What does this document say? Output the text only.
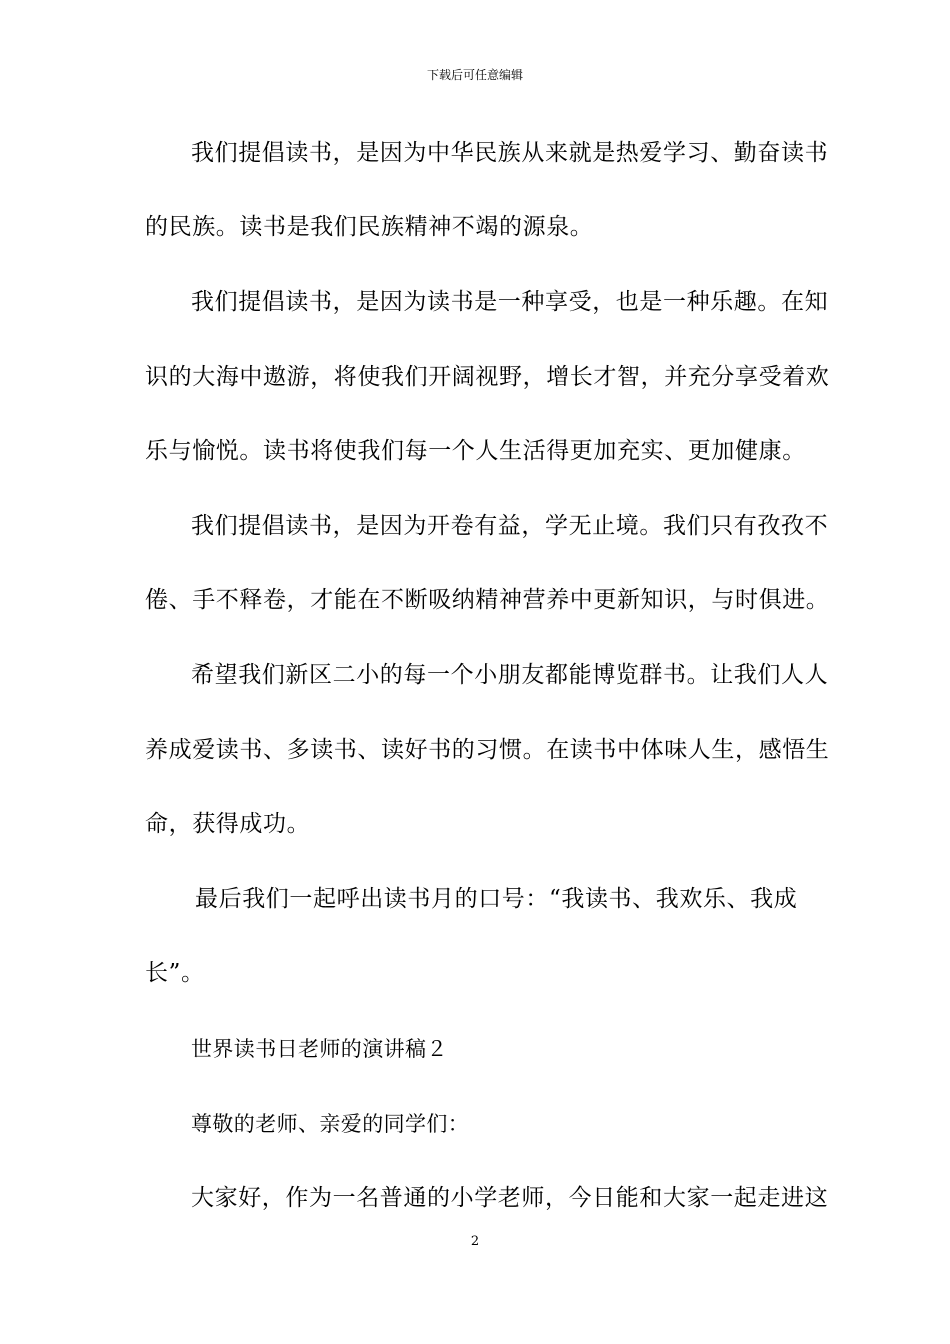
下载后可任意编辑
我们提倡读书，是因为中华民族从来就是热爱学习、勤奋读书
的民族。读书是我们民族精神不竭的源泉。
我们提倡读书，是因为读书是一种享受，也是一种乐趣。在知
识的大海中遨游，将使我们开阔视野，增长才智，并充分享受着欢
乐与愉悦。读书将使我们每一个人生活得更加充实、更加健康。
我们提倡读书，是因为开卷有益，学无止境。我们只有孜孜不
倦、手不释卷，才能在不断吸纳精神营养中更新知识，与时俱进。
希望我们新区二小的每一个小朋友都能博览群书。让我们人人
养成爱读书、多读书、读好书的习惯。在读书中体味人生，感悟生
命，获得成功。
最后我们一起呼出读书月的口号：“我读书、我欢乐、我成
长”。
世界读书日老师的演讲稿２
尊敬的老师、亲爱的同学们：
大家好，作为一名普通的小学老师，今日能和大家一起走进这
2
